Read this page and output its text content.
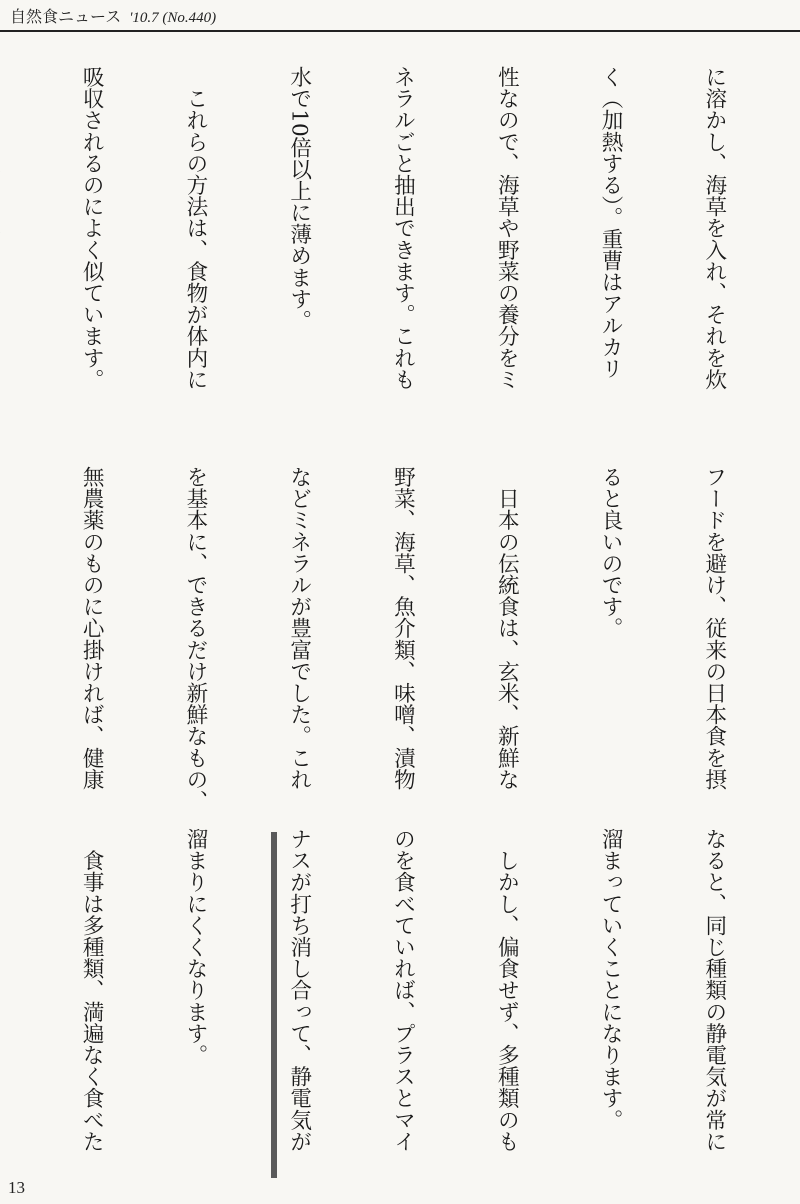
自然食ニュース '10.7 (No.440)

に溶かし、海草を入れ、それを炊

く（加熱する）。重曹はアルカリ

性なので、海草や野菜の養分をミ

ネラルごと抽出できます。これも

水で10倍以上に薄めます。

　これらの方法は、食物が体内に

吸収されるのによく似ています。

フードを避け、従来の日本食を摂

ると良いのです。

　日本の伝統食は、玄米、新鮮な

野菜、海草、魚介類、味噌、漬物

などミネラルが豊富でした。これ

を基本に、できるだけ新鮮なもの、

無農薬のものに心掛ければ、健康

なると、同じ種類の静電気が常に

溜まっていくことになります。

　しかし、偏食せず、多種類のも

のを食べていれば、プラスとマイ

ナスが打ち消し合って、静電気が

溜まりにくくなります。

　食事は多種類、満遍なく食べた

13
